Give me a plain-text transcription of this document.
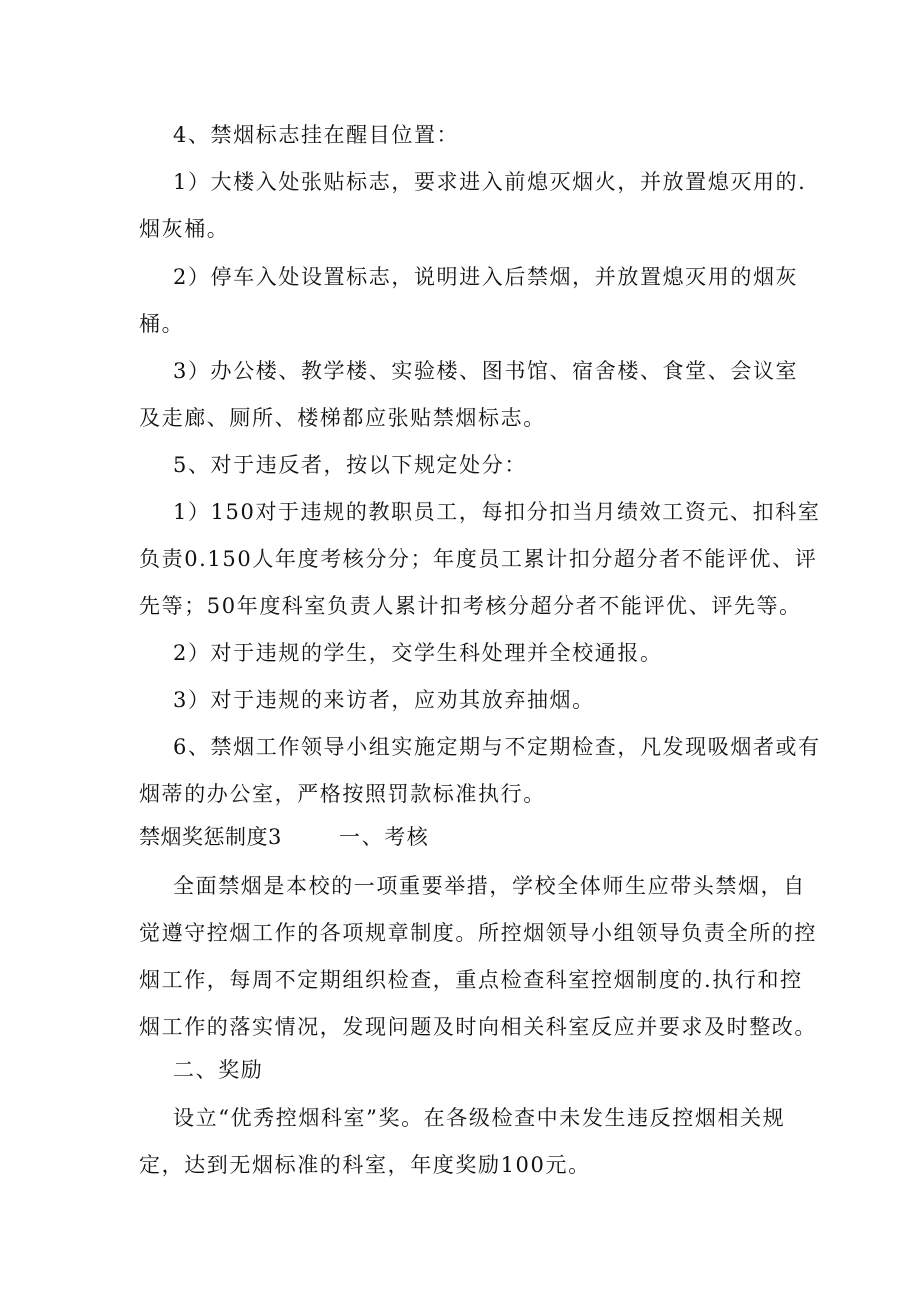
4、禁烟标志挂在醒目位置：
1）大楼入处张贴标志，要求进入前熄灭烟火，并放置熄灭用的.
烟灰桶。
2）停车入处设置标志，说明进入后禁烟，并放置熄灭用的烟灰
桶。
3）办公楼、教学楼、实验楼、图书馆、宿舍楼、食堂、会议室
及走廊、厕所、楼梯都应张贴禁烟标志。
5、对于违反者，按以下规定处分：
1）150对于违规的教职员工，每扣分扣当月绩效工资元、扣科室
负责0.150人年度考核分分；年度员工累计扣分超分者不能评优、评
先等；50年度科室负责人累计扣考核分超分者不能评优、评先等。
2）对于违规的学生，交学生科处理并全校通报。
3）对于违规的来访者，应劝其放弃抽烟。
6、禁烟工作领导小组实施定期与不定期检查，凡发现吸烟者或有
烟蒂的办公室，严格按照罚款标准执行。
禁烟奖惩制度3	一、考核
全面禁烟是本校的一项重要举措，学校全体师生应带头禁烟，自
觉遵守控烟工作的各项规章制度。所控烟领导小组领导负责全所的控
烟工作，每周不定期组织检查，重点检查科室控烟制度的.执行和控
烟工作的落实情况，发现问题及时向相关科室反应并要求及时整改。
二、奖励
设立“优秀控烟科室”奖。在各级检查中未发生违反控烟相关规
定，达到无烟标准的科室，年度奖励100元。
